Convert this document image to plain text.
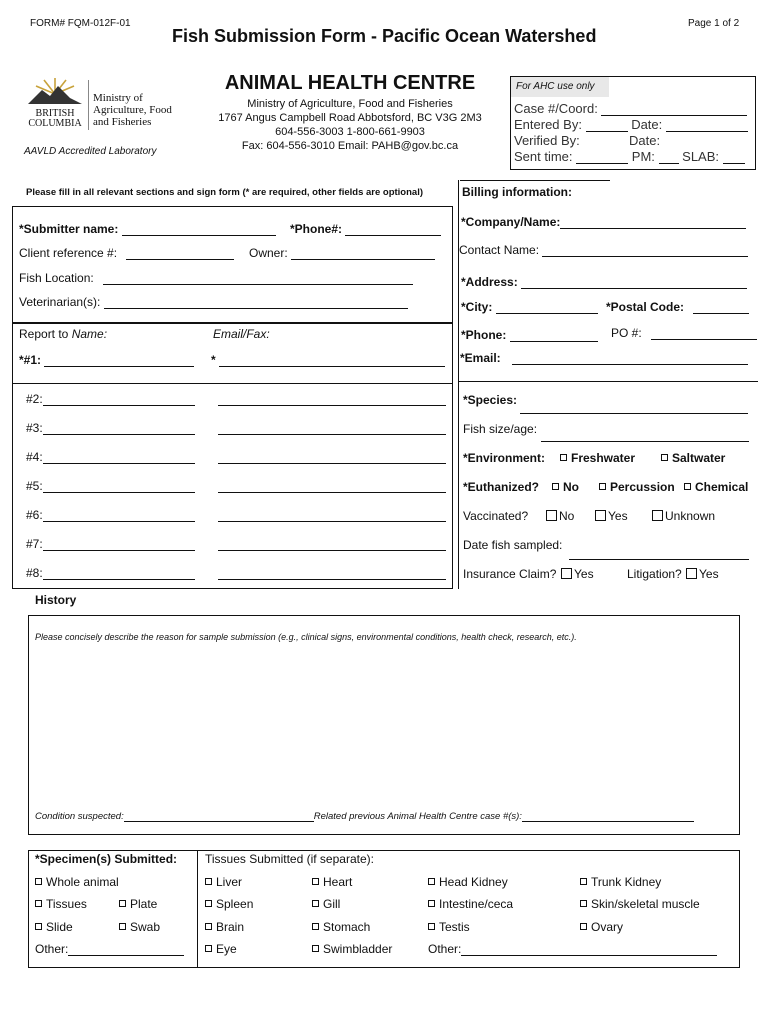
FORM# FQM-012F-01
Fish Submission Form - Pacific Ocean Watershed
Page 1 of 2
BRITISH
COLUMBIA
Ministry of
Agriculture, Food
and Fisheries
AAVLD Accredited Laboratory
ANIMAL HEALTH CENTRE
Ministry of Agriculture, Food and Fisheries
1767 Angus Campbell Road Abbotsford, BC V3G 2M3
604-556-3003 1-800-661-9903
Fax: 604-556-3010 Email: PAHB@gov.bc.ca
For AHC use only
Case #/Coord:
Entered By:	Date:
Verified By:	Date:
Sent time:	PM: SLAB:
Please fill in all relevant sections and sign form (* are required, other fields are optional)
*Submitter name:	*Phone#:
Client reference #:	Owner:
Fish Location:
Veterinarian(s):
Report to Name:	Email/Fax:
*#1:	*
#2:
#3:
#4:
#5:
#6:
#7:
#8:
Billing information:
*Company/Name:
Contact Name:
*Address:
*City:	*Postal Code:
*Phone:	PO #:
*Email:
*Species:
Fish size/age:
*Environment:	Freshwater	Saltwater
*Euthanized?	No	Percussion	Chemical
Vaccinated?	No	Yes	Unknown
Date fish sampled:
Insurance Claim?	Yes	Litigation?	Yes
History
Please concisely describe the reason for sample submission (e.g., clinical signs, environmental conditions, health check, research, etc.).
Condition suspected:	Related previous Animal Health Centre case #(s):
*Specimen(s) Submitted:
Whole animal
Tissues	Plate
Slide	Swab
Other:
Tissues Submitted (if separate):
Liver
Spleen
Brain
Eye
Heart
Gill
Stomach
Swimbladder
Head Kidney
Intestine/ceca
Testis
Other:
Trunk Kidney
Skin/skeletal muscle
Ovary
